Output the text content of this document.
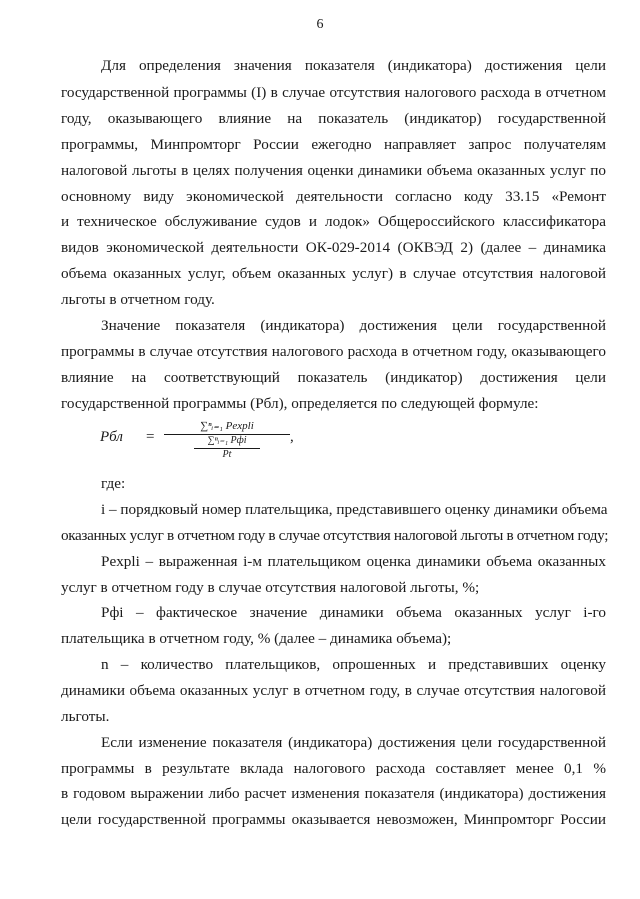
6
Для определения значения показателя (индикатора) достижения цели
государственной программы (I) в случае отсутствия налогового расхода в отчетном
году, оказывающего влияние на показатель (индикатор) государственной
программы, Минпромторг России ежегодно направляет запрос получателям
налоговой льготы в целях получения оценки динамики объема оказанных услуг по
основному виду экономической деятельности согласно коду 33.15 «Ремонт
и техническое обслуживание судов и лодок» Общероссийского классификатора
видов экономической деятельности ОК-029-2014 (ОКВЭД 2) (далее – динамика
объема оказанных услуг, объем оказанных услуг) в случае отсутствия налоговой
льготы в отчетном году.
Значение показателя (индикатора) достижения цели государственной
программы в случае отсутствия налогового расхода в отчетном году, оказывающего
влияние на соответствующий показатель (индикатор) достижения цели
государственной программы (Pбл), определяется по следующей формуле:
Pбл =
∑ⁿᵢ₌₁ Pexpli
∑ⁿᵢ₌₁ Pфi
Pt
,
где:
i – порядковый номер плательщика, представившего оценку динамики объема
оказанных услуг в отчетном году в случае отсутствия налоговой льготы в отчетном году;
Pexpli – выраженная i-м плательщиком оценка динамики объема оказанных
услуг в отчетном году в случае отсутствия налоговой льготы, %;
Pфi – фактическое значение динамики объема оказанных услуг i-го
плательщика в отчетном году, % (далее – динамика объема);
n – количество плательщиков, опрошенных и представивших оценку
динамики объема оказанных услуг в отчетном году, в случае отсутствия налоговой
льготы.
Если изменение показателя (индикатора) достижения цели государственной
программы в результате вклада налогового расхода составляет менее 0,1 %
в годовом выражении либо расчет изменения показателя (индикатора) достижения
цели государственной программы оказывается невозможен, Минпромторг России
